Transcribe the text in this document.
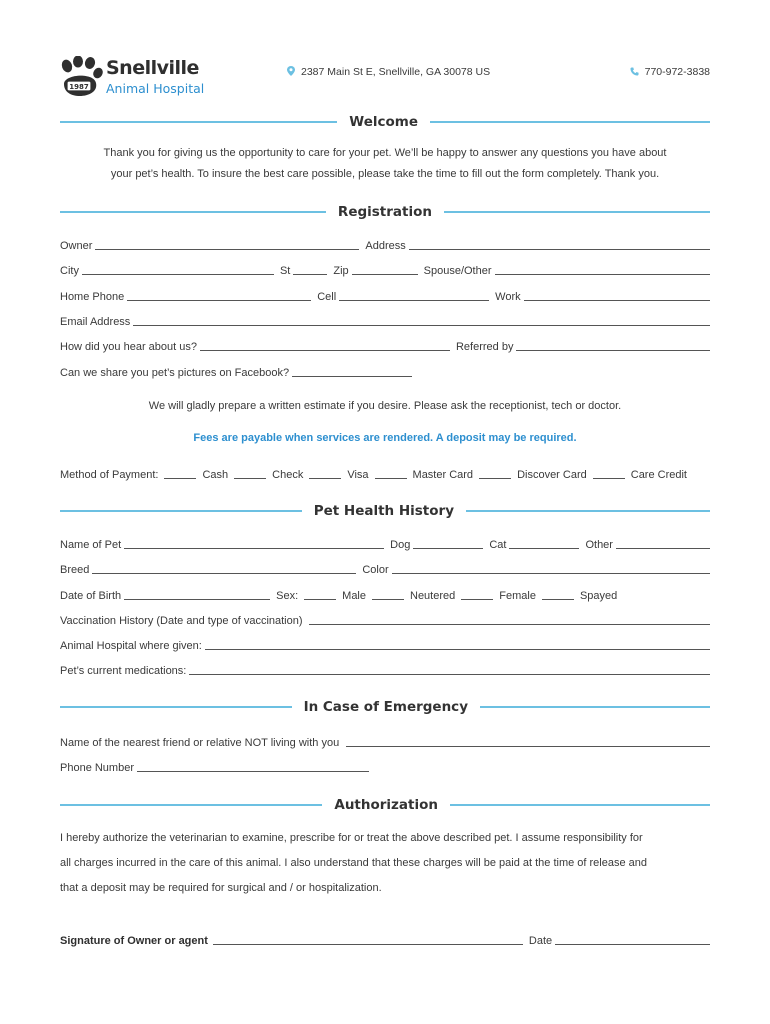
1987
Snellville
Animal Hospital
2387 Main St E, Snellville, GA 30078 US	770-972-3838
Welcome
Thank you for giving us the opportunity to care for your pet. We’ll be happy to answer any questions you have about
your pet’s health. To insure the best care possible, please take the time to fill out the form completely. Thank you.
Registration
Owner	Address
City	St	Zip	Spouse/Other
Home Phone	Cell	Work
Email Address
How did you hear about us?	Referred by
Can we share you pet’s pictures on Facebook?
We will gladly prepare a written estimate if you desire. Please ask the receptionist, tech or doctor.
Fees are payable when services are rendered. A deposit may be required.
Method of Payment:	Cash	Check	Visa	Master Card	Discover Card	Care Credit
Pet Health History
Name of Pet	Dog	Cat	Other
Breed	Color
Date of Birth	Sex:	Male	Neutered	Female	Spayed
Vaccination History (Date and type of vaccination)
Animal Hospital where given:
Pet’s current medications:
In Case of Emergency
Name of the nearest friend or relative NOT living with you
Phone Number
Authorization
I hereby authorize the veterinarian to examine, prescribe for or treat the above described pet. I assume responsibility for
all charges incurred in the care of this animal. I also understand that these charges will be paid at the time of release and
that a deposit may be required for surgical and / or hospitalization.
Signature of Owner or agent	Date
